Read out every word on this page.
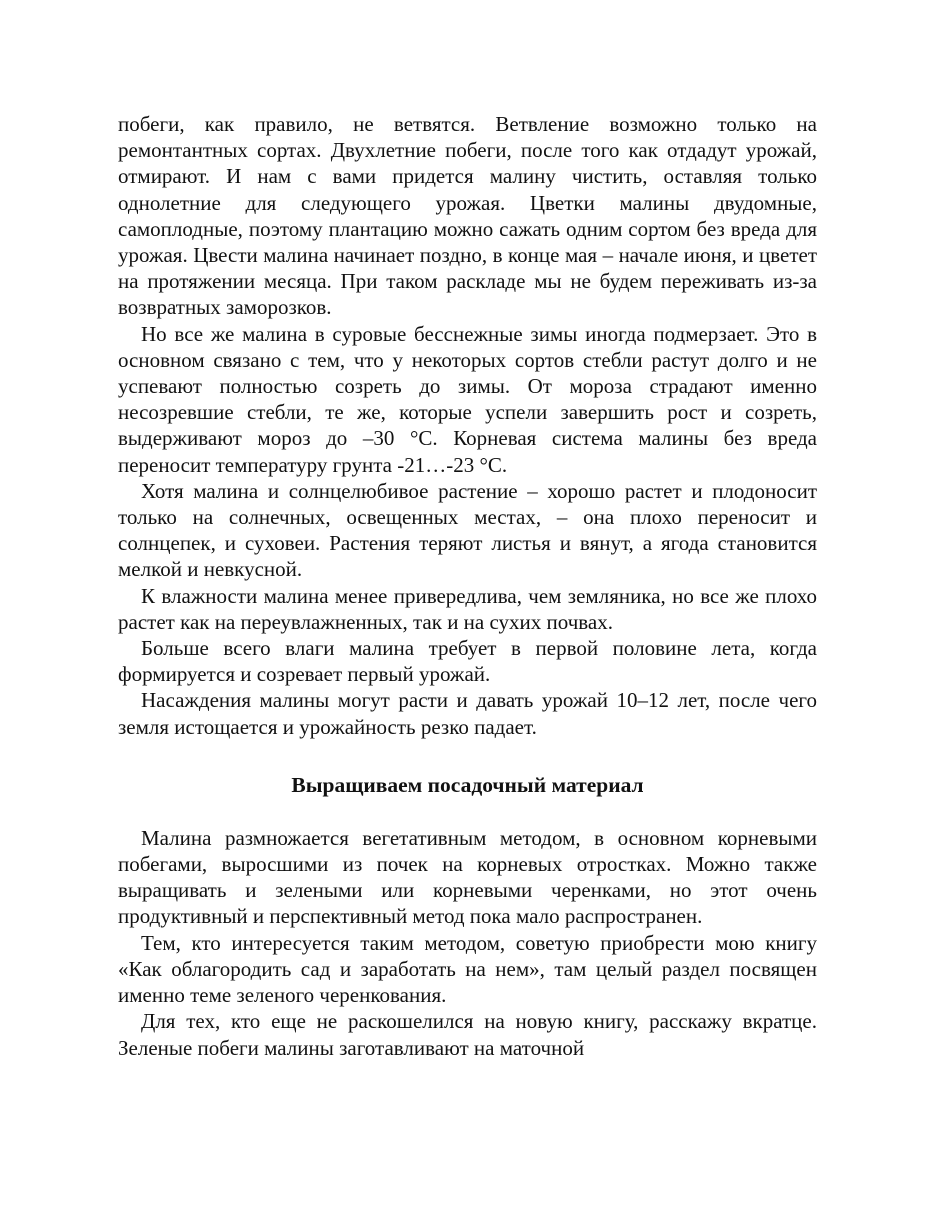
побеги, как правило, не ветвятся. Ветвление возможно только на ремонтантных сортах. Двухлетние побеги, после того как отдадут урожай, отмирают. И нам с вами придется малину чистить, оставляя только однолетние для следующего урожая. Цветки малины двудомные, самоплодные, поэтому плантацию можно сажать одним сортом без вреда для урожая. Цвести малина начинает поздно, в конце мая – начале июня, и цветет на протяжении месяца. При таком раскладе мы не будем переживать из-за возвратных заморозков.

Но все же малина в суровые бесснежные зимы иногда подмерзает. Это в основном связано с тем, что у некоторых сортов стебли растут долго и не успевают полностью созреть до зимы. От мороза страдают именно несозревшие стебли, те же, которые успели завершить рост и созреть, выдерживают мороз до –30 °С. Корневая система малины без вреда переносит температуру грунта -21…-23 °С.

Хотя малина и солнцелюбивое растение – хорошо растет и плодоносит только на солнечных, освещенных местах, – она плохо переносит и солнцепек, и суховеи. Растения теряют листья и вянут, а ягода становится мелкой и невкусной.

К влажности малина менее привередлива, чем земляника, но все же плохо растет как на переувлажненных, так и на сухих почвах.

Больше всего влаги малина требует в первой половине лета, когда формируется и созревает первый урожай.

Насаждения малины могут расти и давать урожай 10–12 лет, после чего земля истощается и урожайность резко падает.

Выращиваем посадочный материал

Малина размножается вегетативным методом, в основном корневыми побегами, выросшими из почек на корневых отростках. Можно также выращивать и зелеными или корневыми черенками, но этот очень продуктивный и перспективный метод пока мало распространен.

Тем, кто интересуется таким методом, советую приобрести мою книгу «Как облагородить сад и заработать на нем», там целый раздел посвящен именно теме зеленого черенкования.

Для тех, кто еще не раскошелился на новую книгу, расскажу вкратце. Зеленые побеги малины заготавливают на маточной
